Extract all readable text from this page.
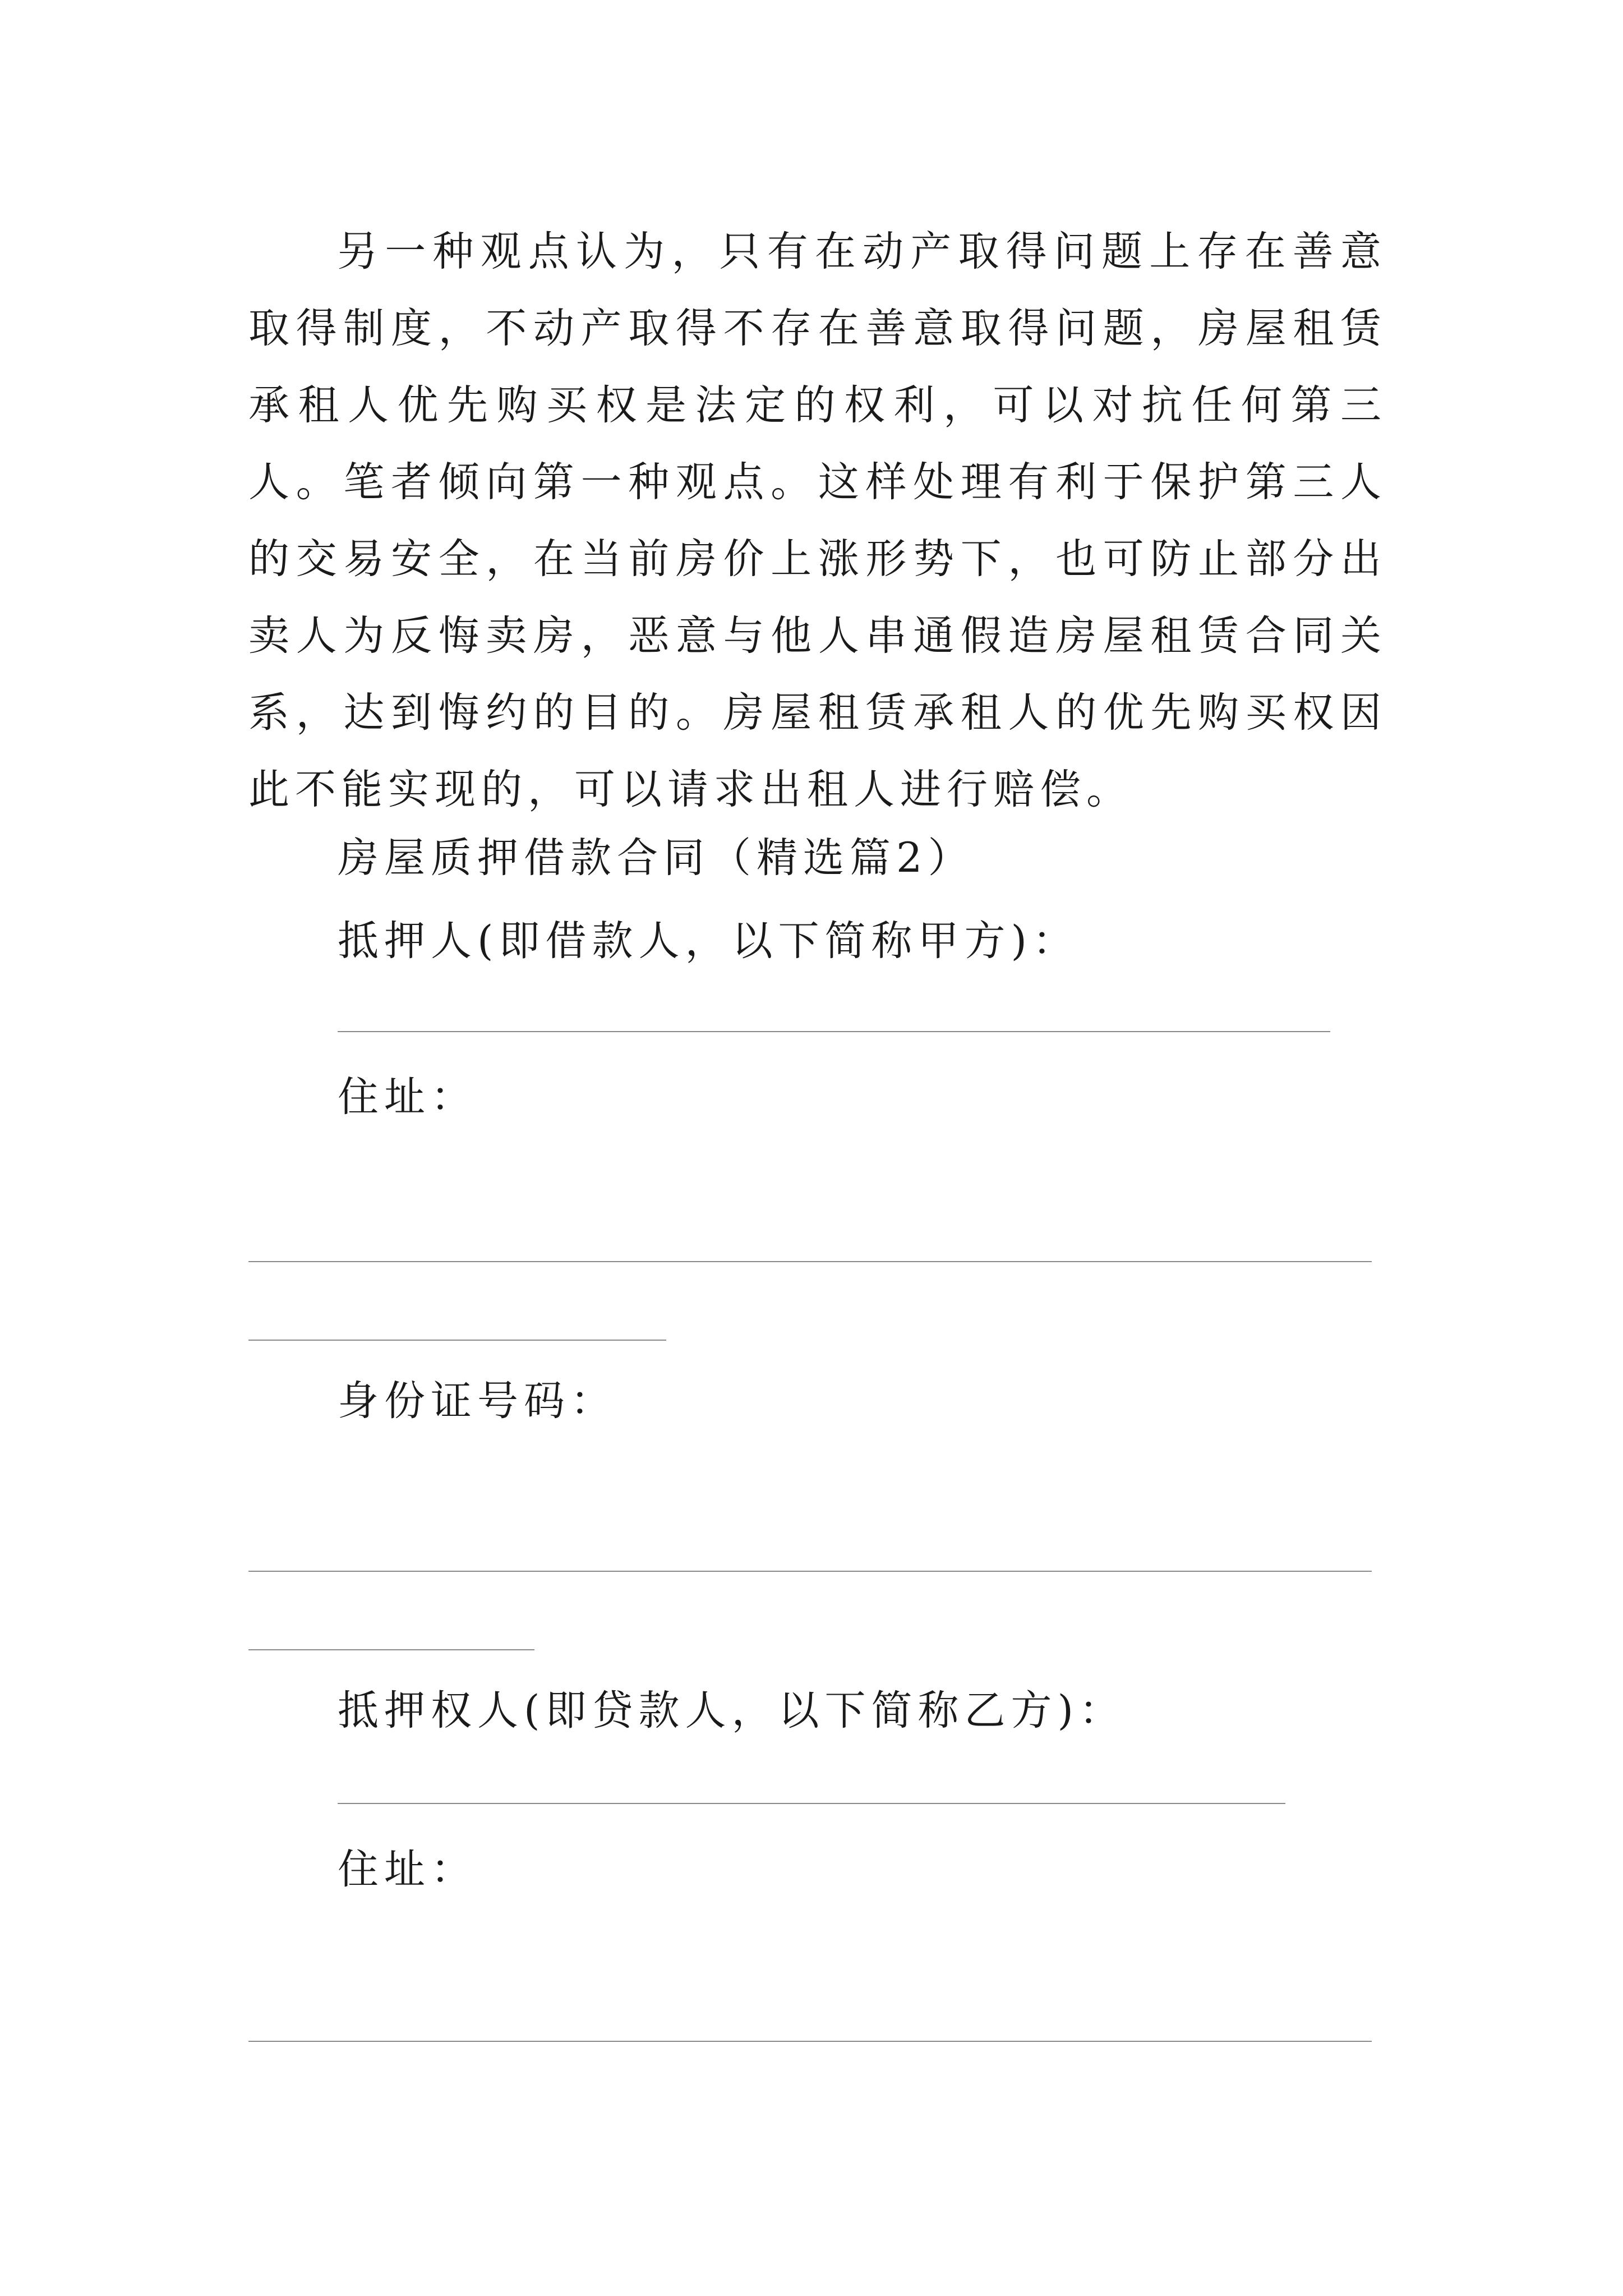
另一种观点认为，只有在动产取得问题上存在善意取得制度，不动产取得不存在善意取得问题，房屋租赁承租人优先购买权是法定的权利，可以对抗任何第三人。笔者倾向第一种观点。这样处理有利于保护第三人的交易安全，在当前房价上涨形势下，也可防止部分出卖人为反悔卖房，恶意与他人串通假造房屋租赁合同关系，达到悔约的目的。房屋租赁承租人的优先购买权因此不能实现的，可以请求出租人进行赔偿。

房屋质押借款合同（精选篇2）
抵押人(即借款人，以下简称甲方)：
住址：
身份证号码：
抵押权人(即贷款人，以下简称乙方)：
住址：
